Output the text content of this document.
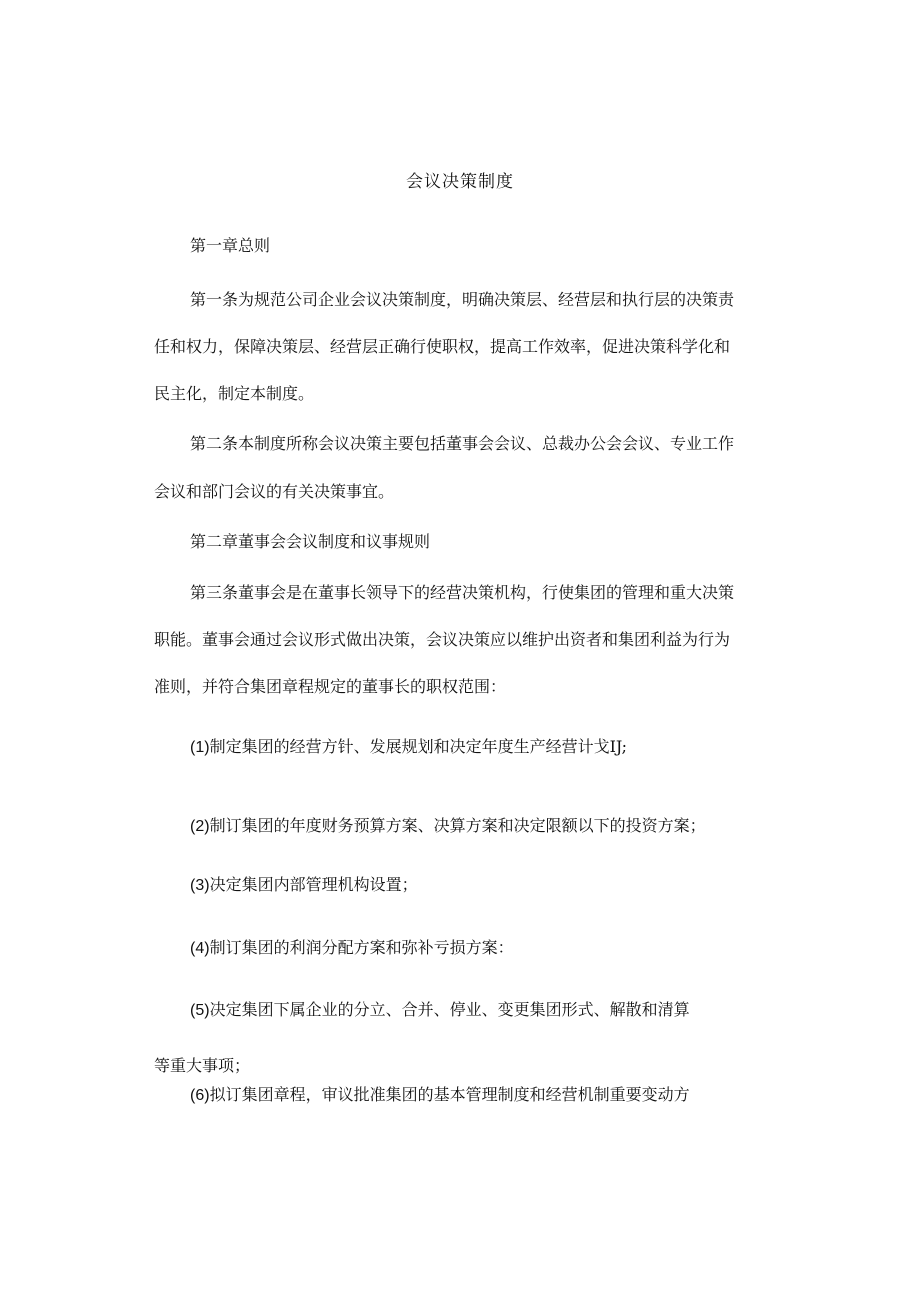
会议决策制度
第一章总则
第一条为规范公司企业会议决策制度，明确决策层、经营层和执行层的决策责
任和权力，保障决策层、经营层正确行使职权，提高工作效率，促进决策科学化和
民主化，制定本制度。
第二条本制度所称会议决策主要包括董事会会议、总裁办公会会议、专业工作
会议和部门会议的有关决策事宜。
第二章董事会会议制度和议事规则
第三条董事会是在董事长领导下的经营决策机构，行使集团的管理和重大决策
职能。董事会通过会议形式做出决策，会议决策应以维护出资者和集团利益为行为
准则，并符合集团章程规定的董事长的职权范围：
(1)制定集团的经营方针、发展规划和决定年度生产经营计戈IJ;
(2)制订集团的年度财务预算方案、决算方案和决定限额以下的投资方案；
(3)决定集团内部管理机构设置；
(4)制订集团的利润分配方案和弥补亏损方案：
(5)决定集团下属企业的分立、合并、停业、变更集团形式、解散和清算
等重大事项；
(6)拟订集团章程，审议批准集团的基本管理制度和经营机制重要变动方
